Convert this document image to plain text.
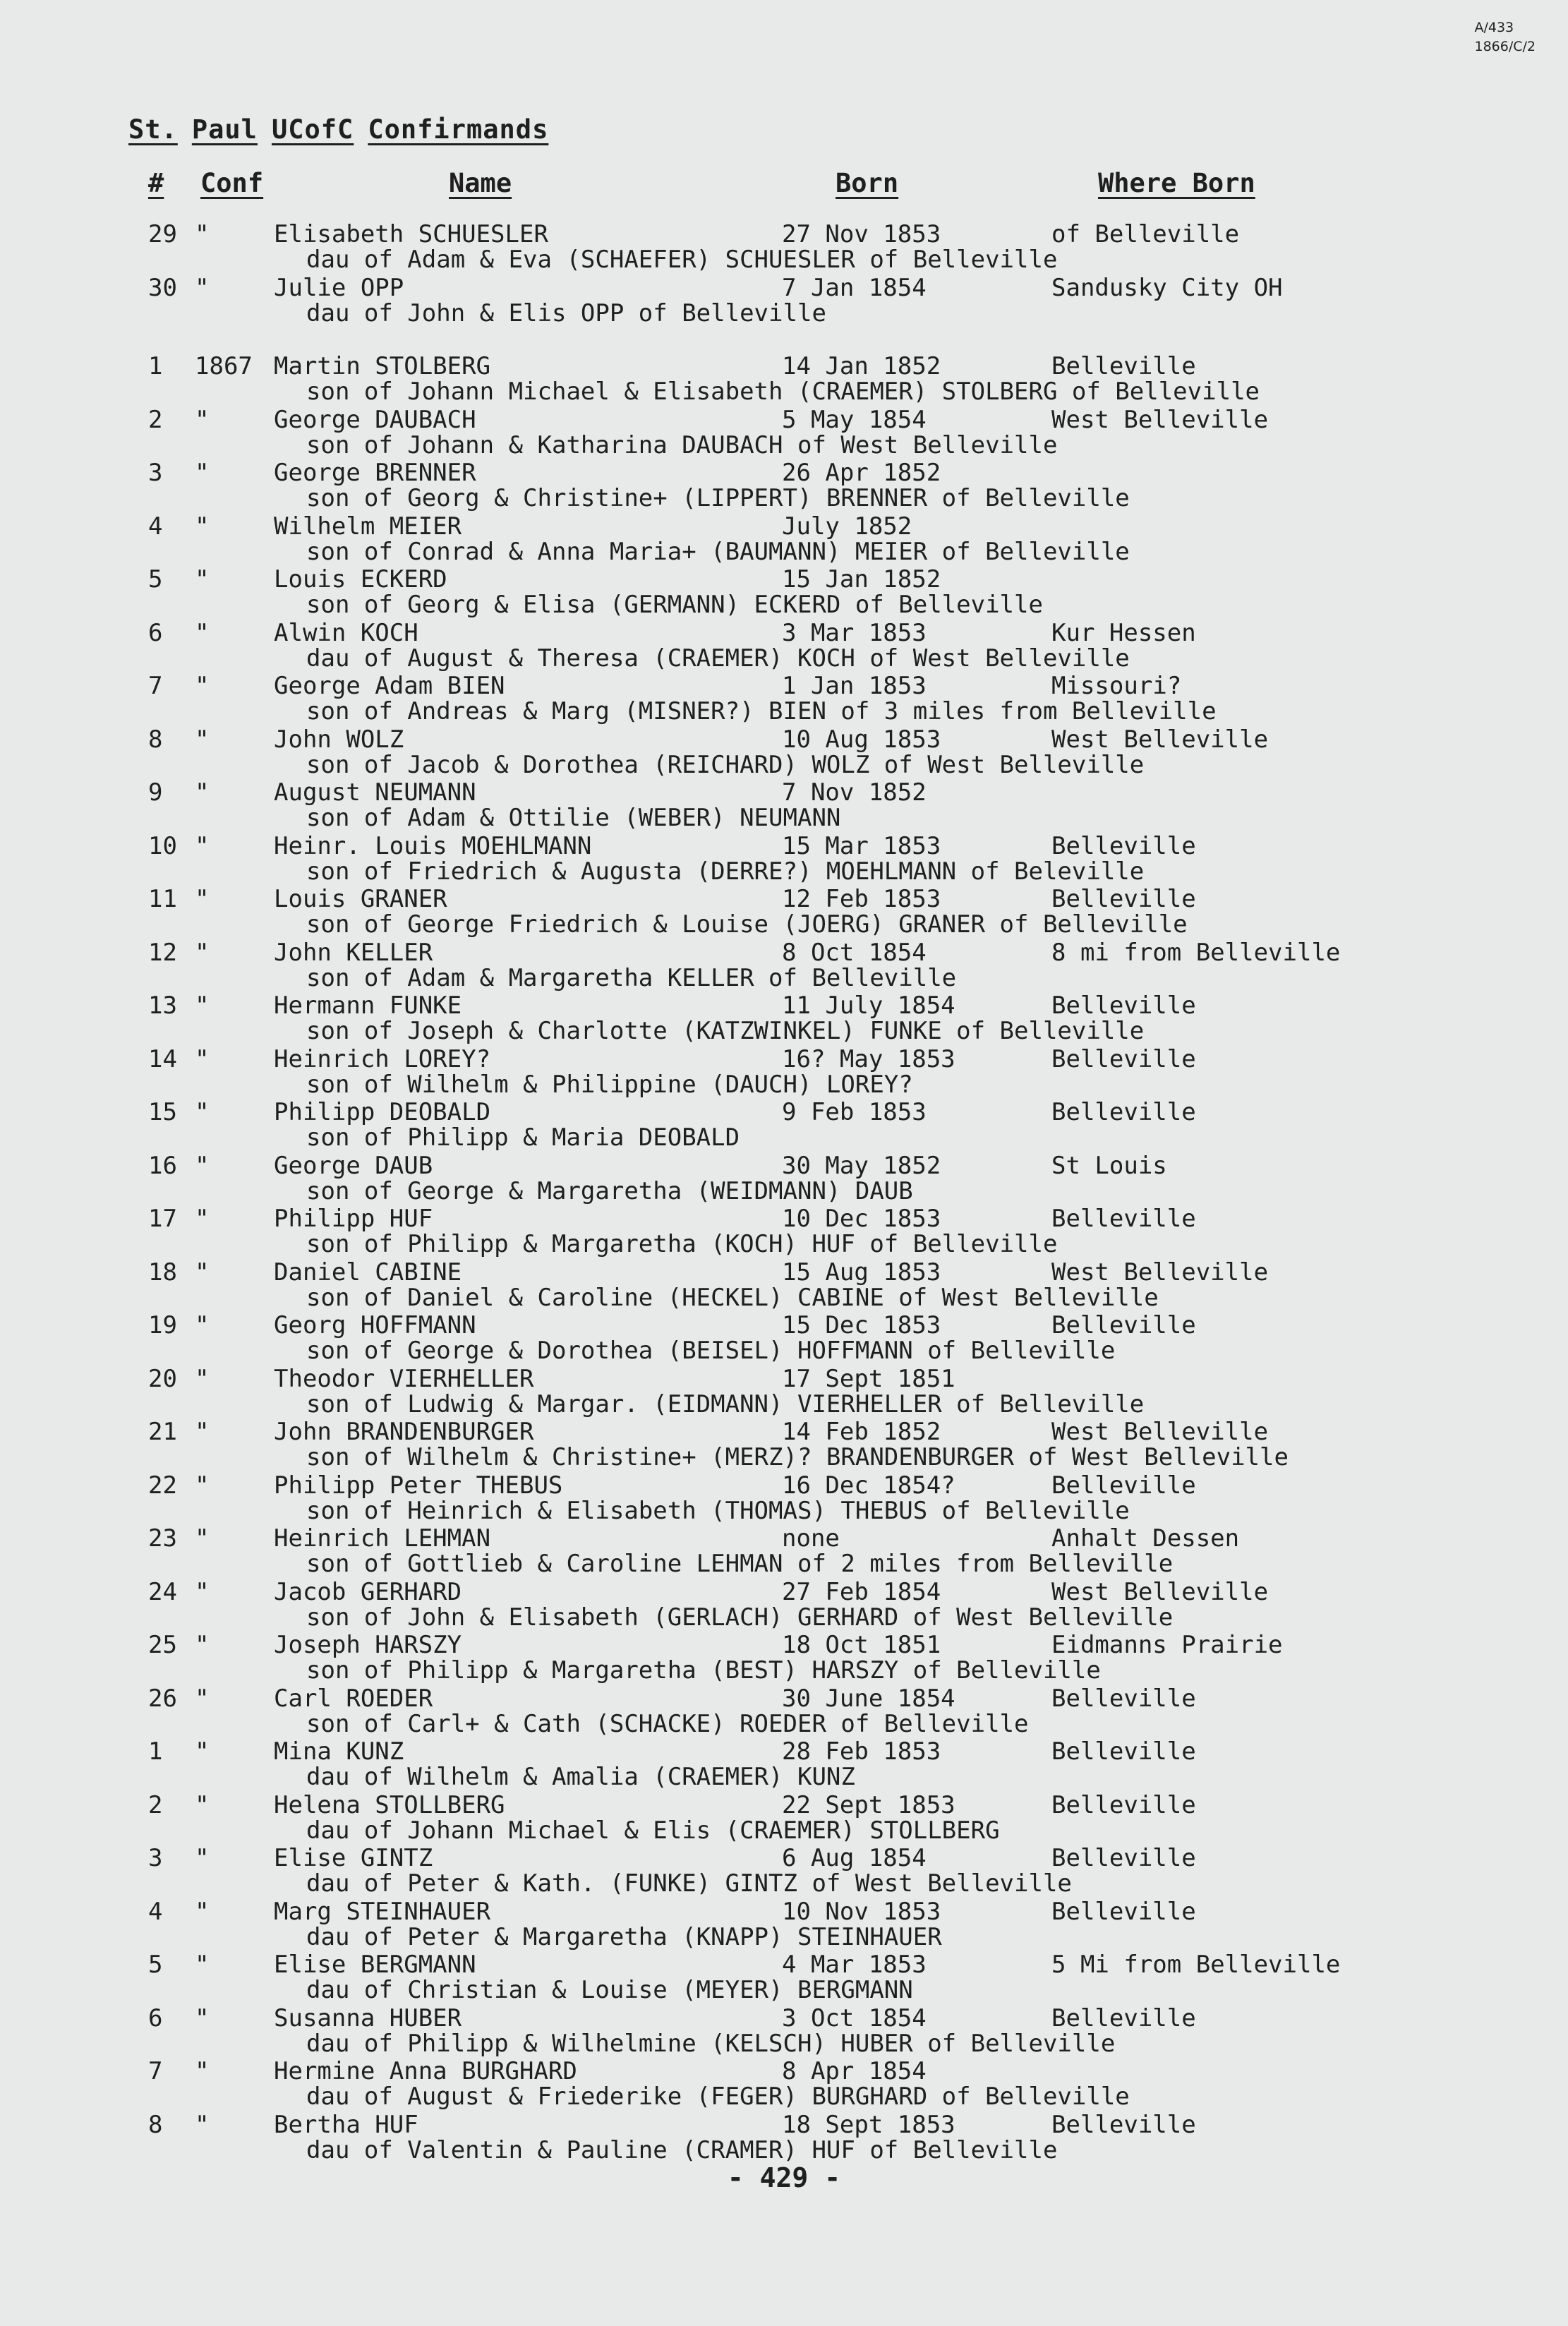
A/433
1866/C/2
St. Paul UCofC Confirmands
# Conf	Name	Born	Where Born
29 "	Elisabeth SCHUESLER	27 Nov 1853	of Belleville
dau of Adam & Eva (SCHAEFER) SCHUESLER of Belleville
30 "	Julie OPP	7 Jan 1854	Sandusky City OH
dau of John & Elis OPP of Belleville
1 1867 Martin STOLBERG	14 Jan 1852	Belleville
son of Johann Michael & Elisabeth (CRAEMER) STOLBERG of Belleville
2 "	George DAUBACH	5 May 1854	West Belleville
son of Johann & Katharina DAUBACH of West Belleville
3 "	George BRENNER	26 Apr 1852
son of Georg & Christine+ (LIPPERT) BRENNER of Belleville
4 "	Wilhelm MEIER	July 1852
son of Conrad & Anna Maria+ (BAUMANN) MEIER of Belleville
5 "	Louis ECKERD	15 Jan 1852
son of Georg & Elisa (GERMANN) ECKERD of Belleville
6 "	Alwin KOCH	3 Mar 1853	Kur Hessen
dau of August & Theresa (CRAEMER) KOCH of West Belleville
7 "	George Adam BIEN	1 Jan 1853	Missouri?
son of Andreas & Marg (MISNER?) BIEN of 3 miles from Belleville
8 "	John WOLZ	10 Aug 1853	West Belleville
son of Jacob & Dorothea (REICHARD) WOLZ of West Belleville
9 "	August NEUMANN	7 Nov 1852
son of Adam & Ottilie (WEBER) NEUMANN
10 "	Heinr. Louis MOEHLMANN	15 Mar 1853	Belleville
son of Friedrich & Augusta (DERRE?) MOEHLMANN of Beleville
11 "	Louis GRANER	12 Feb 1853	Belleville
son of George Friedrich & Louise (JOERG) GRANER of Belleville
12 "	John KELLER	8 Oct 1854	8 mi from Belleville
son of Adam & Margaretha KELLER of Belleville
13 "	Hermann FUNKE	11 July 1854	Belleville
son of Joseph & Charlotte (KATZWINKEL) FUNKE of Belleville
14 "	Heinrich LOREY?	16? May 1853	Belleville
son of Wilhelm & Philippine (DAUCH) LOREY?
15 "	Philipp DEOBALD	9 Feb 1853	Belleville
son of Philipp & Maria DEOBALD
16 "	George DAUB	30 May 1852	St Louis
son of George & Margaretha (WEIDMANN) DAUB
17 "	Philipp HUF	10 Dec 1853	Belleville
son of Philipp & Margaretha (KOCH) HUF of Belleville
18 "	Daniel CABINE	15 Aug 1853	West Belleville
son of Daniel & Caroline (HECKEL) CABINE of West Belleville
19 "	Georg HOFFMANN	15 Dec 1853	Belleville
son of George & Dorothea (BEISEL) HOFFMANN of Belleville
20 "	Theodor VIERHELLER	17 Sept 1851
son of Ludwig & Margar. (EIDMANN) VIERHELLER of Belleville
21 "	John BRANDENBURGER	14 Feb 1852	West Belleville
son of Wilhelm & Christine+ (MERZ)? BRANDENBURGER of West Belleville
22 "	Philipp Peter THEBUS	16 Dec 1854?	Belleville
son of Heinrich & Elisabeth (THOMAS) THEBUS of Belleville
23 "	Heinrich LEHMAN	none	Anhalt Dessen
son of Gottlieb & Caroline LEHMAN of 2 miles from Belleville
24 "	Jacob GERHARD	27 Feb 1854	West Belleville
son of John & Elisabeth (GERLACH) GERHARD of West Belleville
25 "	Joseph HARSZY	18 Oct 1851	Eidmanns Prairie
son of Philipp & Margaretha (BEST) HARSZY of Belleville
26 "	Carl ROEDER	30 June 1854	Belleville
son of Carl+ & Cath (SCHACKE) ROEDER of Belleville
1 "	Mina KUNZ	28 Feb 1853	Belleville
dau of Wilhelm & Amalia (CRAEMER) KUNZ
2 "	Helena STOLLBERG	22 Sept 1853	Belleville
dau of Johann Michael & Elis (CRAEMER) STOLLBERG
3 "	Elise GINTZ	6 Aug 1854	Belleville
dau of Peter & Kath. (FUNKE) GINTZ of West Belleville
4 "	Marg STEINHAUER	10 Nov 1853	Belleville
dau of Peter & Margaretha (KNAPP) STEINHAUER
5 "	Elise BERGMANN	4 Mar 1853	5 Mi from Belleville
dau of Christian & Louise (MEYER) BERGMANN
6 "	Susanna HUBER	3 Oct 1854	Belleville
dau of Philipp & Wilhelmine (KELSCH) HUBER of Belleville
7 "	Hermine Anna BURGHARD	8 Apr 1854
dau of August & Friederike (FEGER) BURGHARD of Belleville
8 "	Bertha HUF	18 Sept 1853	Belleville
dau of Valentin & Pauline (CRAMER) HUF of Belleville
- 429 -
